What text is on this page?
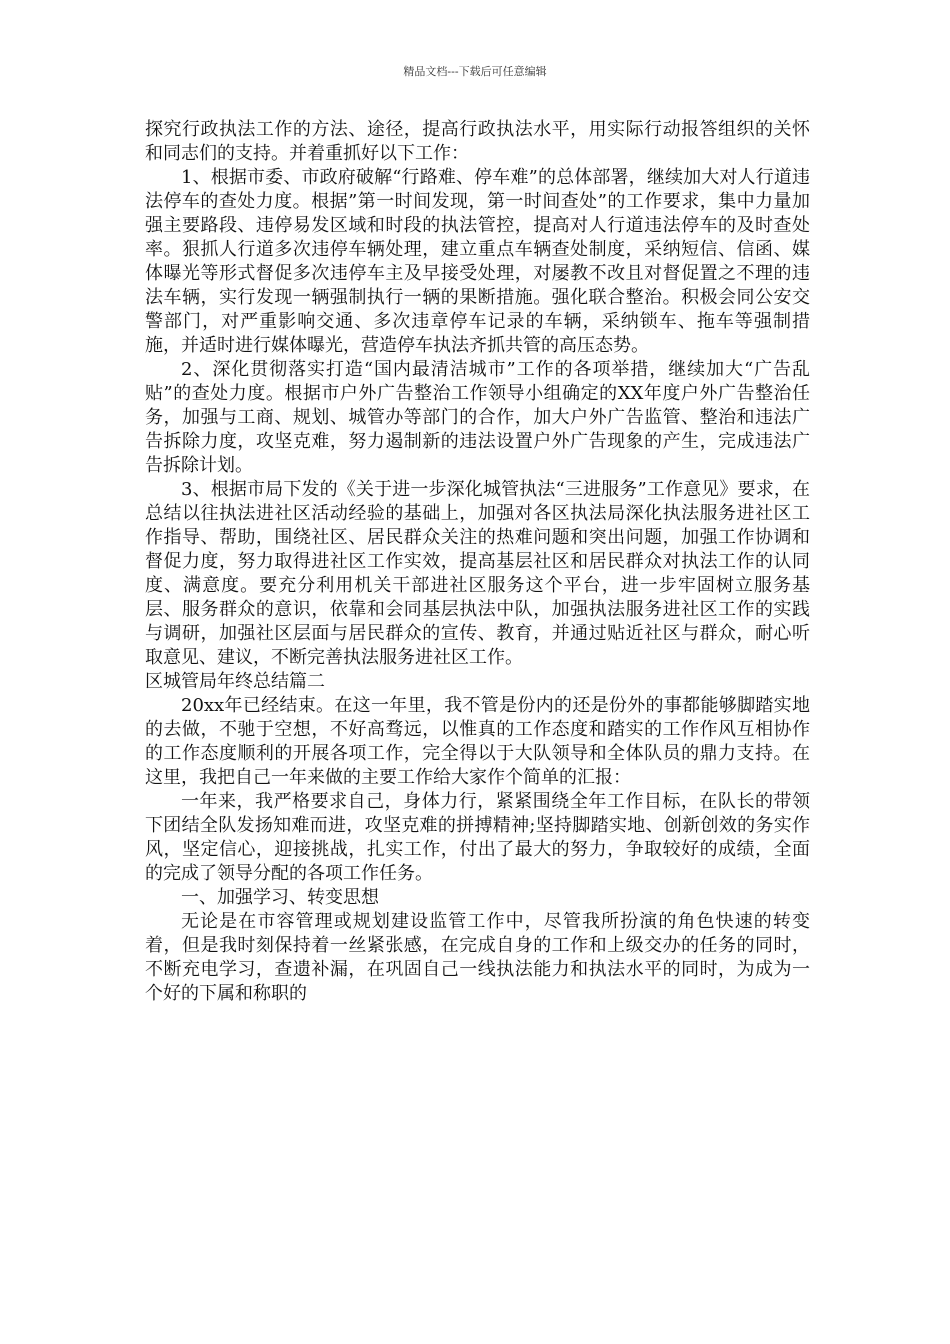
精品文档---下载后可任意编辑

探究行政执法工作的方法、途径，提高行政执法水平，用实际行动报答组织的关怀和同志们的支持。并着重抓好以下工作：

1、根据市委、市政府破解“行路难、停车难”的总体部署，继续加大对人行道违法停车的查处力度。根据”第一时间发现，第一时间查处”的工作要求，集中力量加强主要路段、违停易发区域和时段的执法管控，提高对人行道违法停车的及时查处率。狠抓人行道多次违停车辆处理，建立重点车辆查处制度，采纳短信、信函、媒体曝光等形式督促多次违停车主及早接受处理，对屡教不改且对督促置之不理的违法车辆，实行发现一辆强制执行一辆的果断措施。强化联合整治。积极会同公安交警部门，对严重影响交通、多次违章停车记录的车辆，采纳锁车、拖车等强制措施，并适时进行媒体曝光，营造停车执法齐抓共管的高压态势。

2、深化贯彻落实打造“国内最清洁城市”工作的各项举措，继续加大“广告乱贴”的查处力度。根据市户外广告整治工作领导小组确定的XX年度户外广告整治任务，加强与工商、规划、城管办等部门的合作，加大户外广告监管、整治和违法广告拆除力度，攻坚克难，努力遏制新的违法设置户外广告现象的产生，完成违法广告拆除计划。

3、根据市局下发的《关于进一步深化城管执法“三进服务”工作意见》要求，在总结以往执法进社区活动经验的基础上，加强对各区执法局深化执法服务进社区工作指导、帮助，围绕社区、居民群众关注的热难问题和突出问题，加强工作协调和督促力度，努力取得进社区工作实效，提高基层社区和居民群众对执法工作的认同度、满意度。要充分利用机关干部进社区服务这个平台，进一步牢固树立服务基层、服务群众的意识，依靠和会同基层执法中队，加强执法服务进社区工作的实践与调研，加强社区层面与居民群众的宣传、教育，并通过贴近社区与群众，耐心听取意见、建议，不断完善执法服务进社区工作。

区城管局年终总结篇二

20xx年已经结束。在这一年里，我不管是份内的还是份外的事都能够脚踏实地的去做，不驰于空想，不好高骛远，以惟真的工作态度和踏实的工作作风互相协作的工作态度顺利的开展各项工作，完全得以于大队领导和全体队员的鼎力支持。在这里，我把自己一年来做的主要工作给大家作个简单的汇报：

一年来，我严格要求自己，身体力行，紧紧围绕全年工作目标，在队长的带领下团结全队发扬知难而进，攻坚克难的拼搏精神;坚持脚踏实地、创新创效的务实作风，坚定信心，迎接挑战，扎实工作，付出了最大的努力，争取较好的成绩，全面的完成了领导分配的各项工作任务。

一、加强学习、转变思想

无论是在市容管理或规划建设监管工作中，尽管我所扮演的角色快速的转变着，但是我时刻保持着一丝紧张感，在完成自身的工作和上级交办的任务的同时，不断充电学习，查遗补漏，在巩固自己一线执法能力和执法水平的同时，为成为一个好的下属和称职的
